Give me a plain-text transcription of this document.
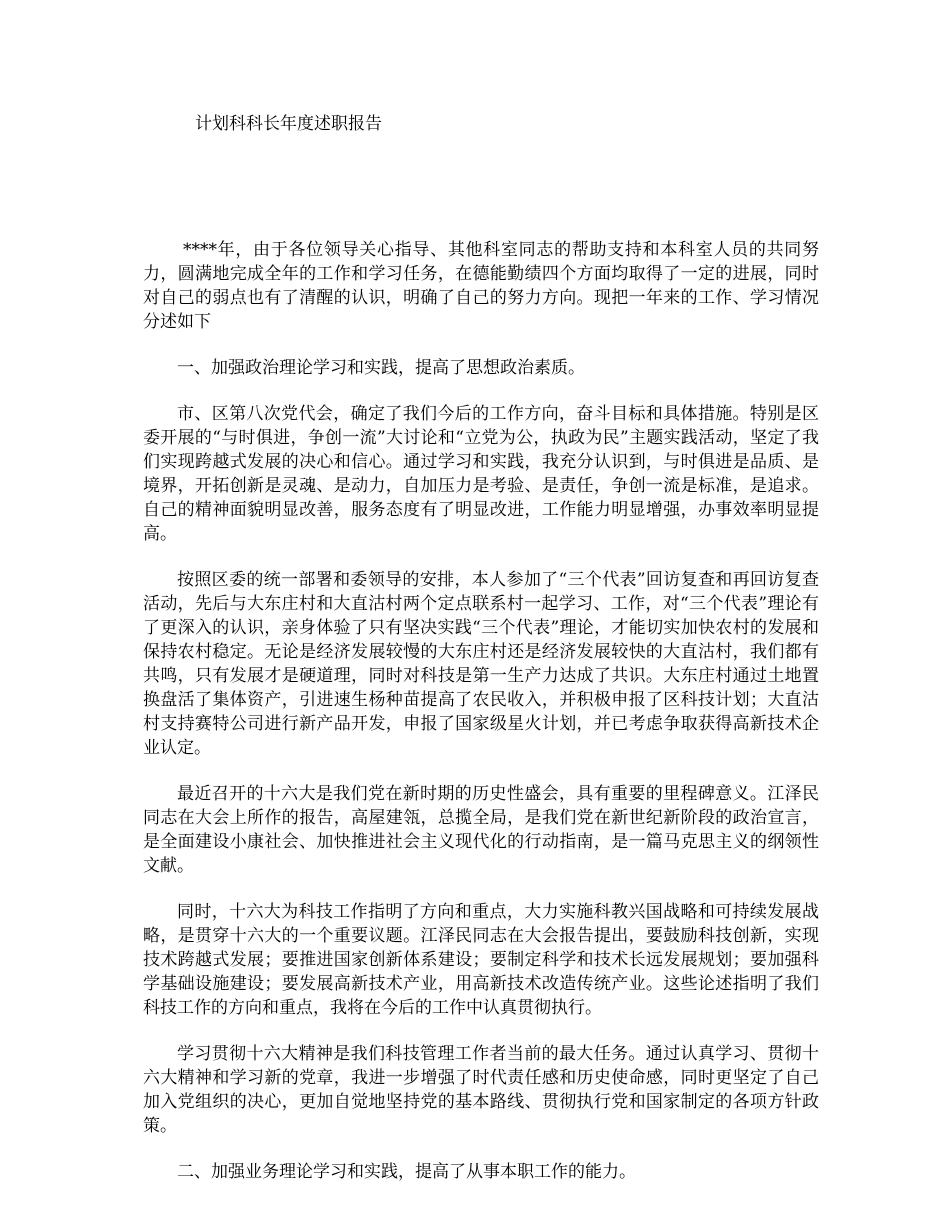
计划科科长年度述职报告

****年，由于各位领导关心指导、其他科室同志的帮助支持和本科室人员的共同努力，圆满地完成全年的工作和学习任务，在德能勤绩四个方面均取得了一定的进展，同时对自己的弱点也有了清醒的认识，明确了自己的努力方向。现把一年来的工作、学习情况分述如下

一、加强政治理论学习和实践，提高了思想政治素质。

市、区第八次党代会，确定了我们今后的工作方向，奋斗目标和具体措施。特别是区委开展的“与时俱进，争创一流”大讨论和“立党为公，执政为民”主题实践活动，坚定了我们实现跨越式发展的决心和信心。通过学习和实践，我充分认识到，与时俱进是品质、是境界，开拓创新是灵魂、是动力，自加压力是考验、是责任，争创一流是标准，是追求。自己的精神面貌明显改善，服务态度有了明显改进，工作能力明显增强，办事效率明显提高。

按照区委的统一部署和委领导的安排，本人参加了“三个代表”回访复查和再回访复查活动，先后与大东庄村和大直沽村两个定点联系村一起学习、工作，对“三个代表”理论有了更深入的认识，亲身体验了只有坚决实践“三个代表”理论，才能切实加快农村的发展和保持农村稳定。无论是经济发展较慢的大东庄村还是经济发展较快的大直沽村，我们都有共鸣，只有发展才是硬道理，同时对科技是第一生产力达成了共识。大东庄村通过土地置换盘活了集体资产，引进速生杨种苗提高了农民收入，并积极申报了区科技计划；大直沽村支持赛特公司进行新产品开发，申报了国家级星火计划，并已考虑争取获得高新技术企业认定。

最近召开的十六大是我们党在新时期的历史性盛会，具有重要的里程碑意义。江泽民同志在大会上所作的报告，高屋建瓴，总揽全局，是我们党在新世纪新阶段的政治宣言，是全面建设小康社会、加快推进社会主义现代化的行动指南，是一篇马克思主义的纲领性文献。

同时，十六大为科技工作指明了方向和重点，大力实施科教兴国战略和可持续发展战略，是贯穿十六大的一个重要议题。江泽民同志在大会报告提出，要鼓励科技创新，实现技术跨越式发展；要推进国家创新体系建设；要制定科学和技术长远发展规划；要加强科学基础设施建设；要发展高新技术产业，用高新技术改造传统产业。这些论述指明了我们科技工作的方向和重点，我将在今后的工作中认真贯彻执行。

学习贯彻十六大精神是我们科技管理工作者当前的最大任务。通过认真学习、贯彻十六大精神和学习新的党章，我进一步增强了时代责任感和历史使命感，同时更坚定了自己加入党组织的决心，更加自觉地坚持党的基本路线、贯彻执行党和国家制定的各项方针政策。

二、加强业务理论学习和实践，提高了从事本职工作的能力。
